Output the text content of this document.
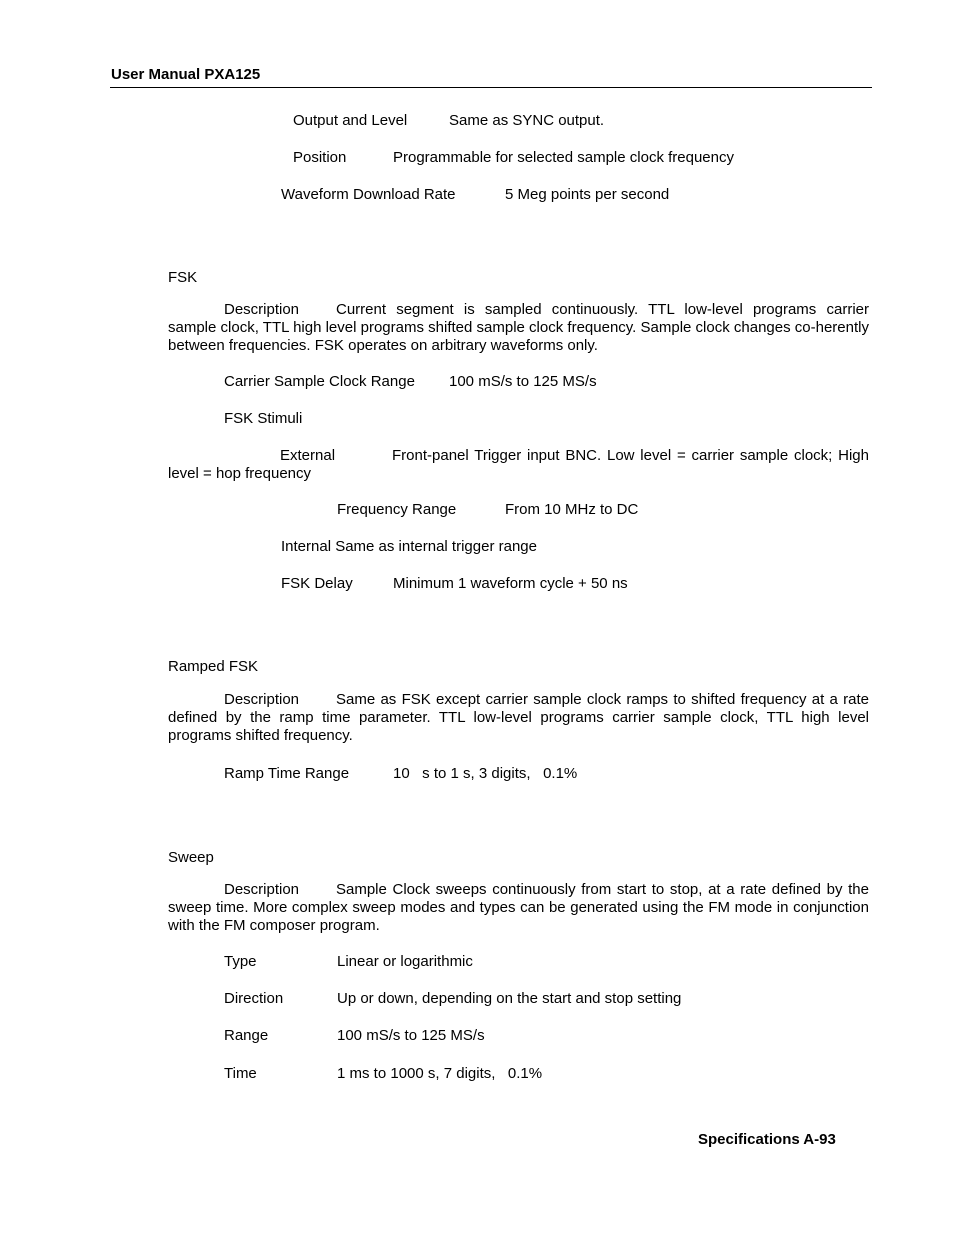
User Manual PXA125
Output and Level	Same as SYNC output.
Position	Programmable for selected sample clock frequency
Waveform Download Rate	5 Meg points per second
FSK
Description Current segment is sampled continuously. TTL low-level programs carrier sample clock, TTL high level programs shifted sample clock frequency. Sample clock changes co-herently between frequencies. FSK operates on arbitrary waveforms only.
Carrier Sample Clock Range 100 mS/s to 125 MS/s
FSK Stimuli
External	Front-panel Trigger input BNC. Low level = carrier sample clock; High level = hop frequency
Frequency Range	From 10 MHz to DC
Internal Same as internal trigger range
FSK Delay	Minimum 1 waveform cycle + 50 ns
Ramped FSK
Description Same as FSK except carrier sample clock ramps to shifted frequency at a rate defined by the ramp time parameter. TTL low-level programs carrier sample clock, TTL high level programs shifted frequency.
Ramp Time Range	10   s to 1 s, 3 digits,   0.1%
Sweep
Description Sample Clock sweeps continuously from start to stop, at a rate defined by the sweep time. More complex sweep modes and types can be generated using the FM mode in conjunction with the FM composer program.
Type	Linear or logarithmic
Direction	Up or down, depending on the start and stop setting
Range	100 mS/s to 125 MS/s
Time	1 ms to 1000 s, 7 digits,   0.1%
Specifications A-93
